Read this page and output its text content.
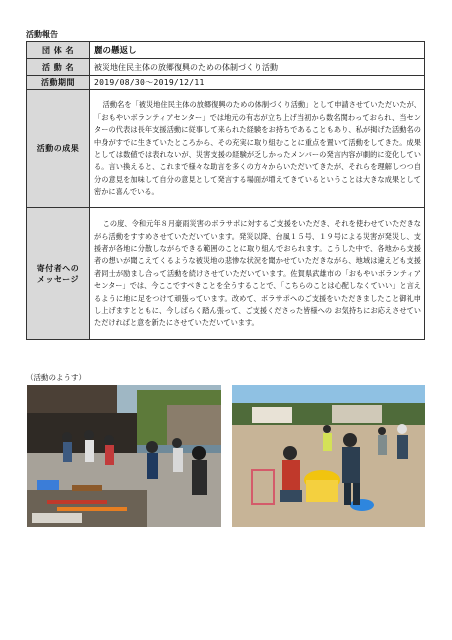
活動報告
団 体 名	麗の懸返し
活 動 名	被災地住民主体の放郷復興のための体制づくり活動
活動期間	2019/08/30〜2019/12/11
活動の成果	活動名を「被災地住民主体の放郷復興のための体制づくり活動」として申請させていただいたが、「おもやいボランティアセンター」では地元の有志が立ち上げ当初から数名関わっておられ、当センターの代表は長年支援活動に従事して来られた経験をお持ちであることもあり、私が掲げた活動名の中身がすでに生きていたところから、その充実に取り組むことに重点を置いて活動をしてきた。成果としては数値では表れないが、災害支援の経験が乏しかったメンバーの発言内容が劇的に変化している。言い換えると、これまで様々な助言を多くの方々からいただいてきたが、それらを理解しつつ自分の意見を加味して自分の意見として発言する場面が増えてきているということは大きな成果として密かに喜んでいる。
寄付者への
メッセージ	この度、令和元年８月豪雨災害のボラサポに対するご支援をいただき、それを使わせていただきながら活動をすすめさせていただいています。発災以降、台風１５号、１９号による災害が発災し、支援者が各地に分散しながらできる範囲のことに取り組んでおられます。こうした中で、各地から支援者の想いが聞こえてくるような被災地の悲惨な状況を聞かせていただきながら、地域は違えども支援者同士が励まし合って活動を続けさせていただいています。佐賀県武雄市の「おもやいボランティアセンター」では、今ここですべきことを全うすることで、「こちらのことは心配しなくていい」と言えるように地に足をつけて頑張っています。改めて、ボラサポへのご支援をいただきましたこと御礼申し上げますとともに、今しばらく踏ん張って、ご支援くださった皆様への お気持ちにお応えさせていただければと意を新たにさせていただいています。
（活動のようす）
